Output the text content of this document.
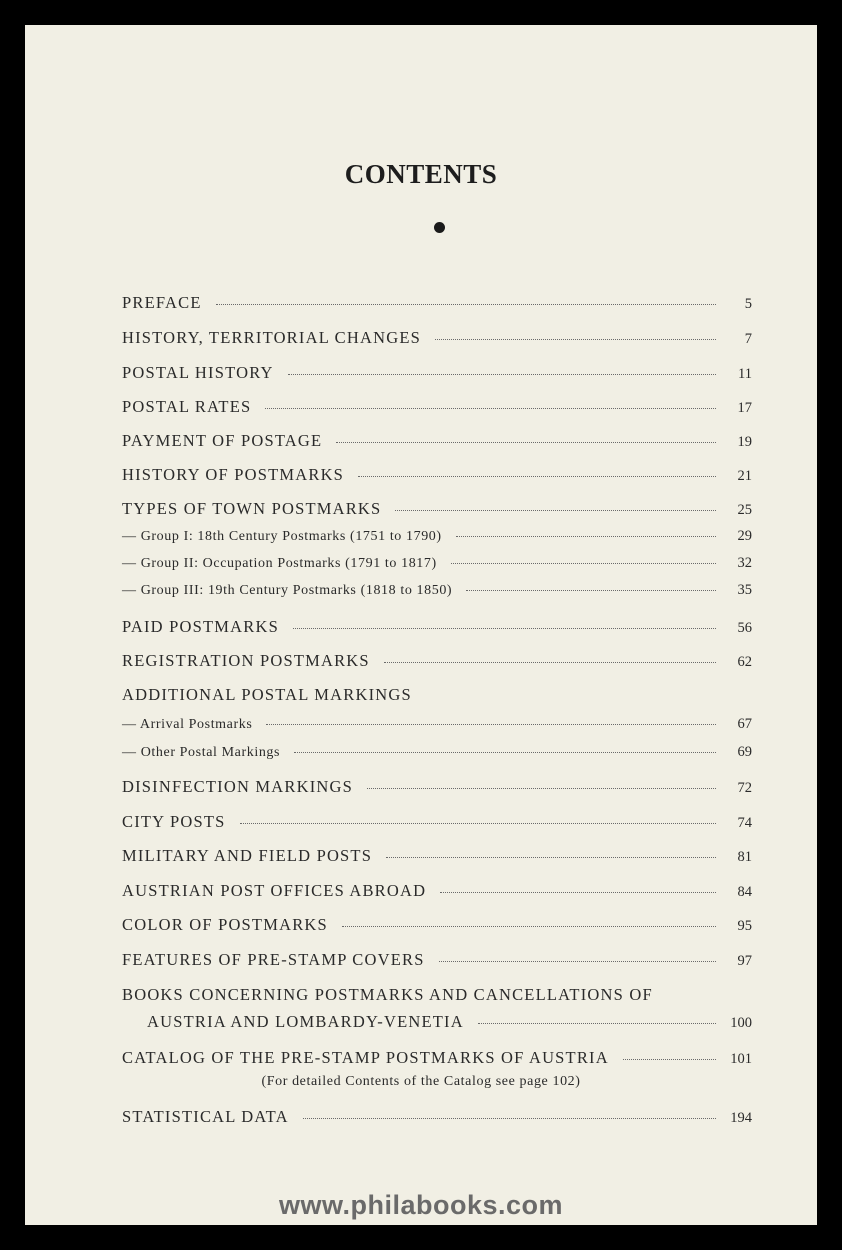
CONTENTS
PREFACE	5
HISTORY, TERRITORIAL CHANGES	7
POSTAL HISTORY	11
POSTAL RATES	17
PAYMENT OF POSTAGE	19
HISTORY OF POSTMARKS	21
TYPES OF TOWN POSTMARKS	25
— Group I: 18th Century Postmarks (1751 to 1790)	29
— Group II: Occupation Postmarks (1791 to 1817)	32
— Group III: 19th Century Postmarks (1818 to 1850)	35
PAID POSTMARKS	56
REGISTRATION POSTMARKS	62
ADDITIONAL POSTAL MARKINGS
— Arrival Postmarks	67
— Other Postal Markings	69
DISINFECTION MARKINGS	72
CITY POSTS	74
MILITARY AND FIELD POSTS	81
AUSTRIAN POST OFFICES ABROAD	84
COLOR OF POSTMARKS	95
FEATURES OF PRE-STAMP COVERS	97
BOOKS CONCERNING POSTMARKS AND CANCELLATIONS OF
AUSTRIA AND LOMBARDY-VENETIA	100
CATALOG OF THE PRE-STAMP POSTMARKS OF AUSTRIA	101
STATISTICAL DATA	194
(For detailed Contents of the Catalog see page 102)
www.philabooks.com
